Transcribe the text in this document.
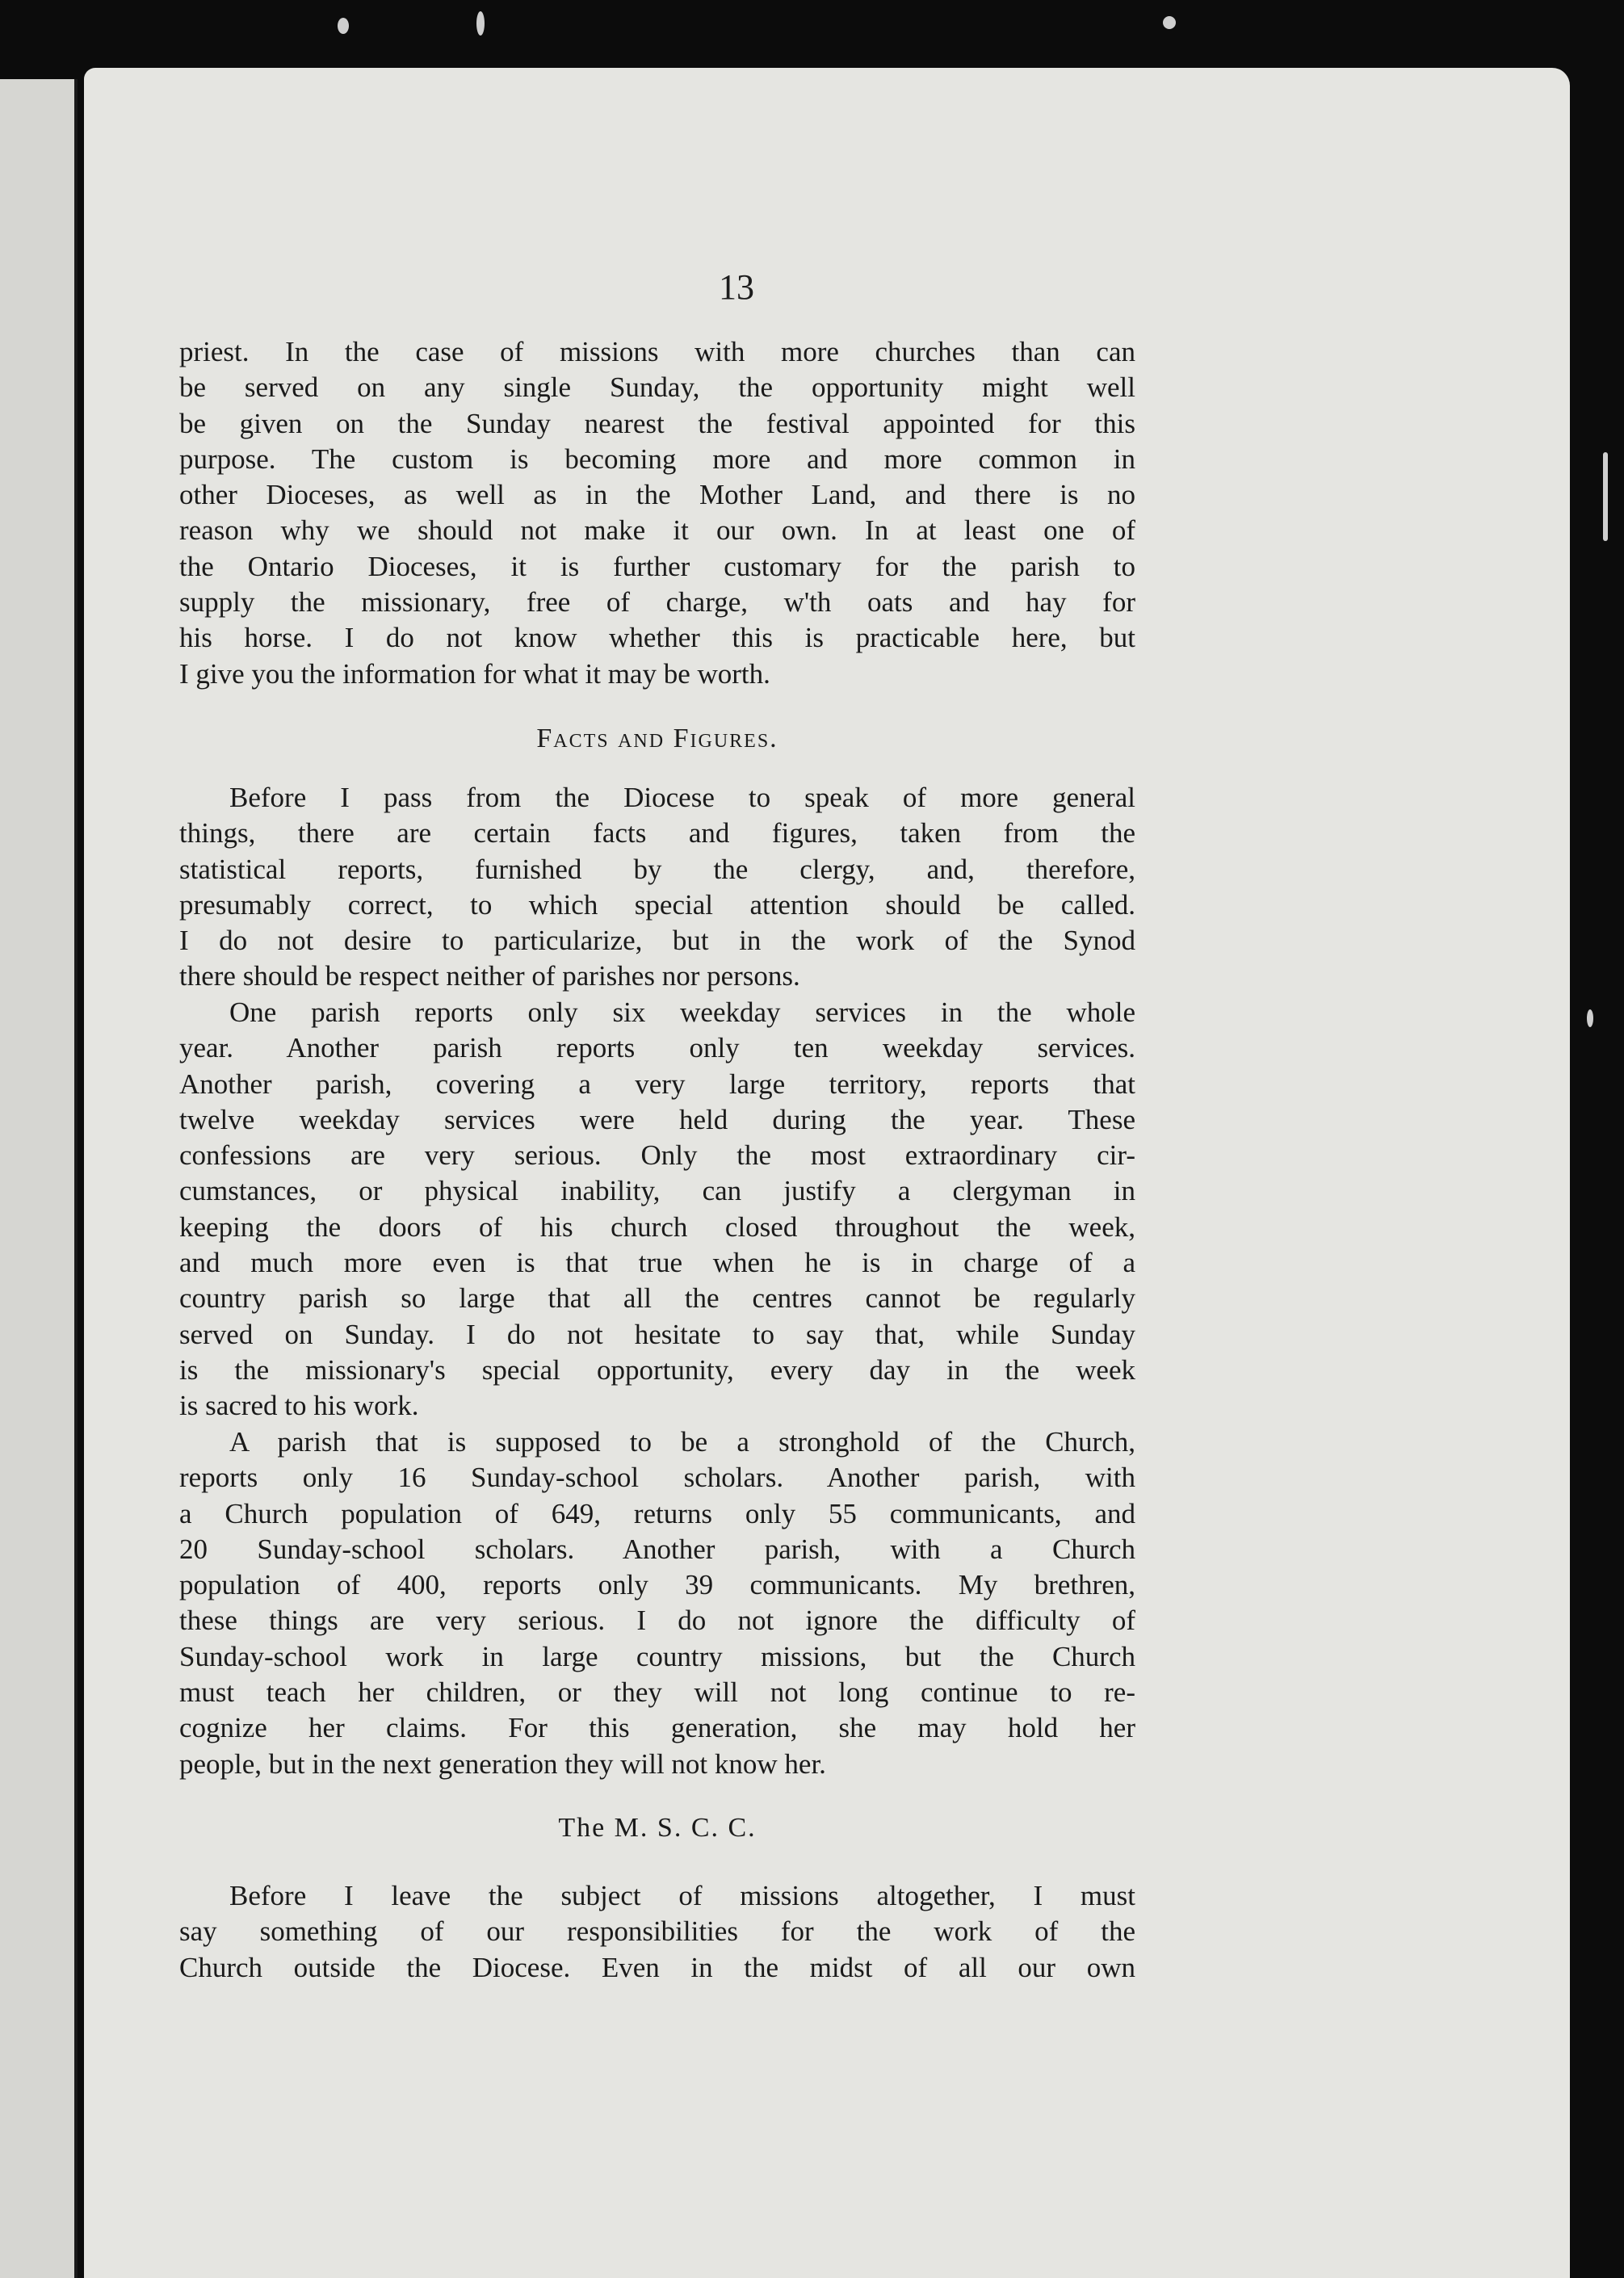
13
priest. In the case of missions with more churches than can
be served on any single Sunday, the opportunity might well
be given on the Sunday nearest the festival appointed for this
purpose. The custom is becoming more and more common in
other Dioceses, as well as in the Mother Land, and there is no
reason why we should not make it our own. In at least one of
the Ontario Dioceses, it is further customary for the parish to
supply the missionary, free of charge, w'th oats and hay for
his horse. I do not know whether this is practicable here, but
I give you the information for what it may be worth.
Facts and Figures.
Before I pass from the Diocese to speak of more general
things, there are certain facts and figures, taken from the
statistical reports, furnished by the clergy, and, therefore,
presumably correct, to which special attention should be called.
I do not desire to particularize, but in the work of the Synod
there should be respect neither of parishes nor persons.
One parish reports only six weekday services in the whole
year. Another parish reports only ten weekday services.
Another parish, covering a very large territory, reports that
twelve weekday services were held during the year. These
confessions are very serious. Only the most extraordinary cir-
cumstances, or physical inability, can justify a clergyman in
keeping the doors of his church closed throughout the week,
and much more even is that true when he is in charge of a
country parish so large that all the centres cannot be regularly
served on Sunday. I do not hesitate to say that, while Sunday
is the missionary's special opportunity, every day in the week
is sacred to his work.
A parish that is supposed to be a stronghold of the Church,
reports only 16 Sunday-school scholars. Another parish, with
a Church population of 649, returns only 55 communicants, and
20 Sunday-school scholars. Another parish, with a Church
population of 400, reports only 39 communicants. My brethren,
these things are very serious. I do not ignore the difficulty of
Sunday-school work in large country missions, but the Church
must teach her children, or they will not long continue to re-
cognize her claims. For this generation, she may hold her
people, but in the next generation they will not know her.
The M. S. C. C.
Before I leave the subject of missions altogether, I must
say something of our responsibilities for the work of the
Church outside the Diocese. Even in the midst of all our own
